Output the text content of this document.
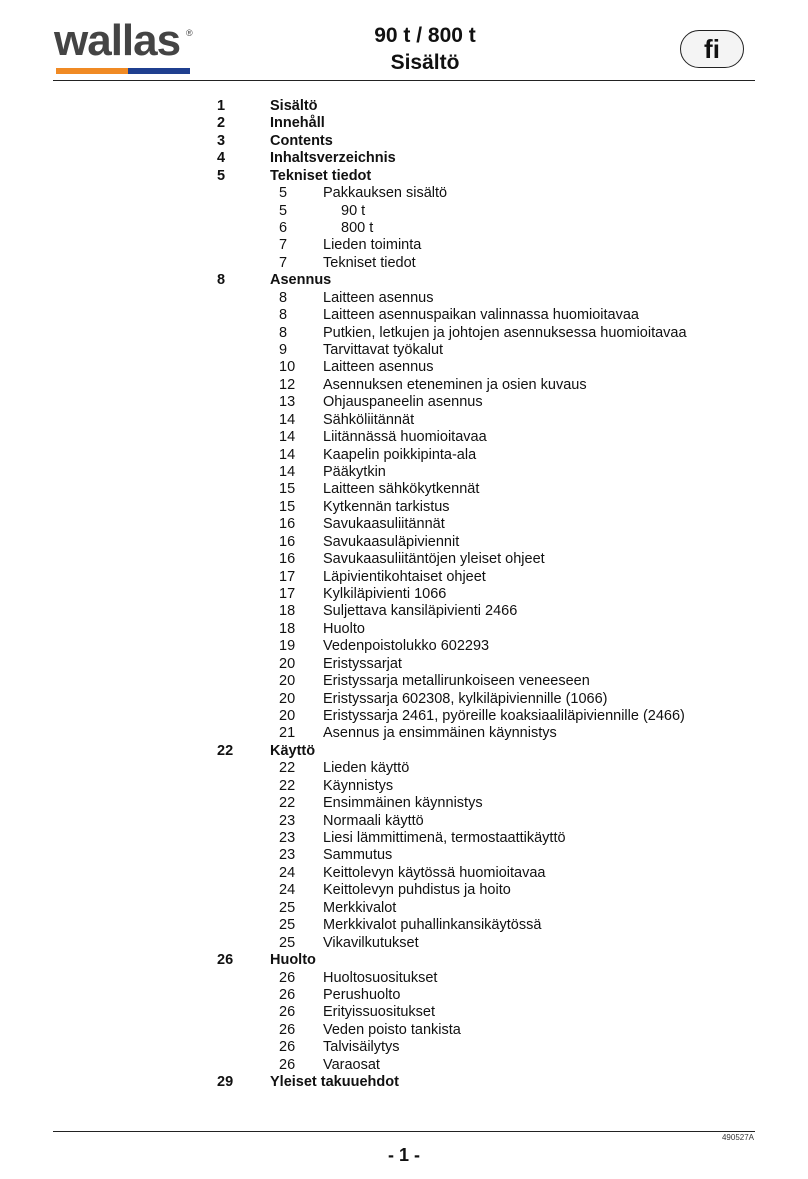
wallas ®	90 t / 800 t
Sisältö	fi
1	Sisältö
2	Innehåll
3	Contents
4	Inhaltsverzeichnis
5	Tekniset tiedot
5 Pakkauksen sisältö
5	90 t
6	800 t
7 Lieden toiminta
7 Tekniset tiedot
8	Asennus
8 Laitteen asennus
8 Laitteen asennuspaikan valinnassa huomioitavaa
8 Putkien, letkujen ja johtojen asennuksessa huomioitavaa
9 Tarvittavat työkalut
10 Laitteen asennus
12 Asennuksen eteneminen ja osien kuvaus
13 Ohjauspaneelin asennus
14 Sähköliitännät
14 Liitännässä huomioitavaa
14 Kaapelin poikkipinta-ala
14 Pääkytkin
15 Laitteen sähkökytkennät
15 Kytkennän tarkistus
16 Savukaasuliitännät
16 Savukaasuläpiviennit
16 Savukaasuliitäntöjen yleiset ohjeet
17 Läpivientikohtaiset ohjeet
17 Kylkiläpivienti 1066
18 Suljettava kansiläpivienti 2466
18 Huolto
19 Vedenpoistolukko 602293
20 Eristyssarjat
20 Eristyssarja metallirunkoiseen veneeseen
20 Eristyssarja 602308, kylkiläpiviennille (1066)
20 Eristyssarja 2461, pyöreille koaksiaaliläpiviennille (2466)
21 Asennus ja ensimmäinen käynnistys
22	Käyttö
22 Lieden käyttö
22 Käynnistys
22 Ensimmäinen käynnistys
23 Normaali käyttö
23 Liesi lämmittimenä, termostaattikäyttö
23 Sammutus
24 Keittolevyn käytössä huomioitavaa
24 Keittolevyn puhdistus ja hoito
25 Merkkivalot
25 Merkkivalot puhallinkansikäytössä
25 Vikavilkutukset
26	Huolto
26 Huoltosuositukset
26 Perushuolto
26 Erityissuositukset
26 Veden poisto tankista
26 Talvisäilytys
26 Varaosat
29	Yleiset takuuehdot
490527A
- 1 -
